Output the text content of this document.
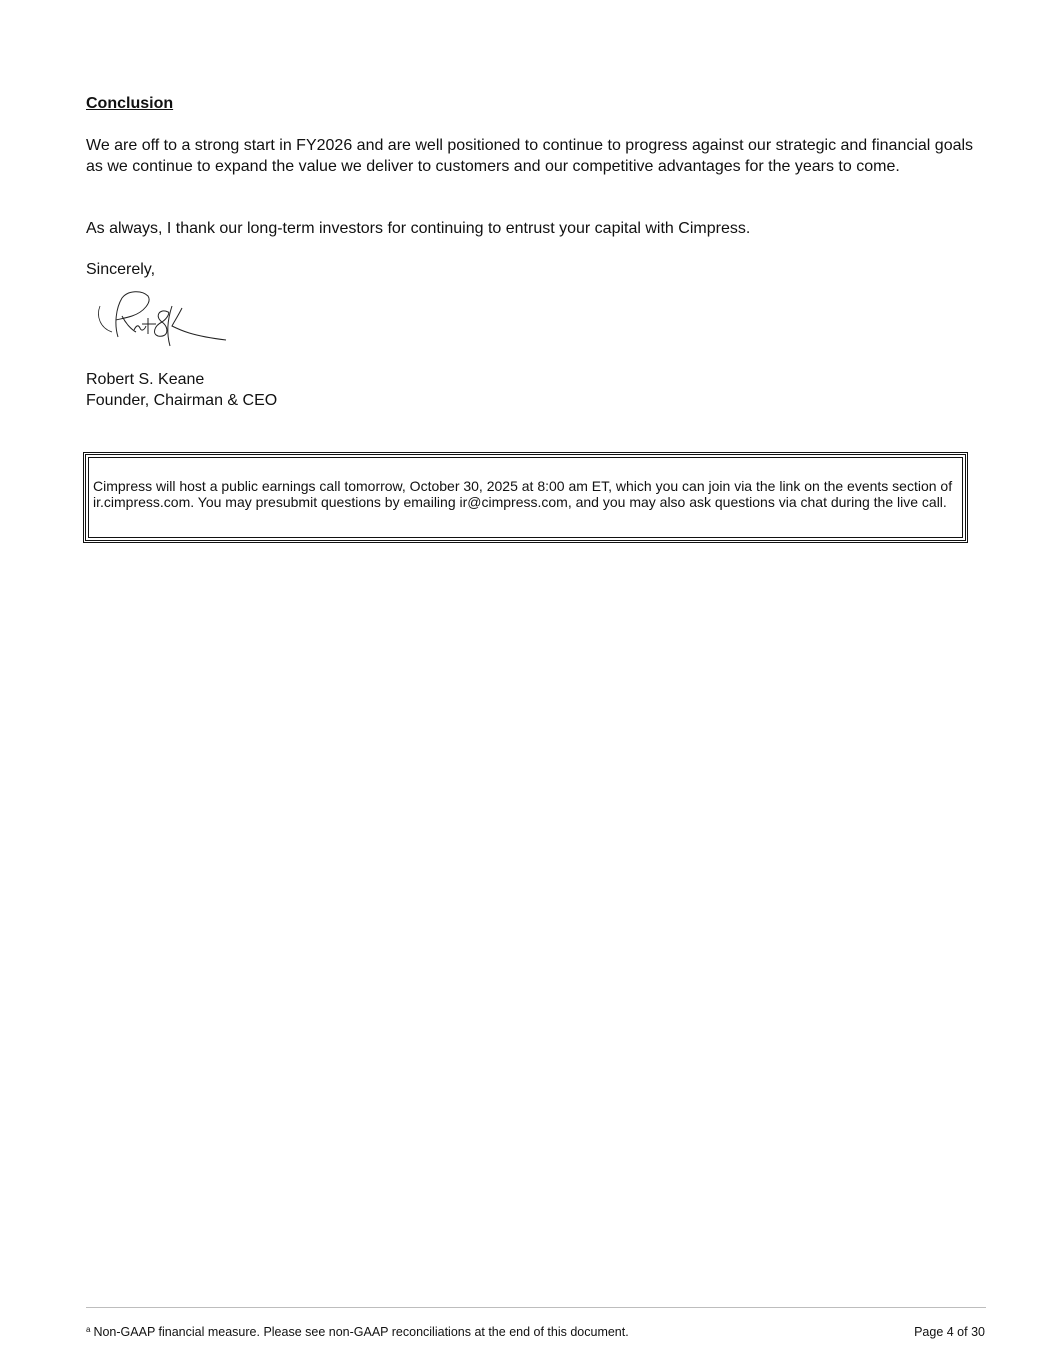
Conclusion
We are off to a strong start in FY2026 and are well positioned to continue to progress against our strategic and financial goals as we continue to expand the value we deliver to customers and our competitive advantages for the years to come.
As always, I thank our long-term investors for continuing to entrust your capital with Cimpress.
Sincerely,
Robert S. Keane
Founder, Chairman & CEO
Cimpress will host a public earnings call tomorrow, October 30, 2025 at 8:00 am ET, which you can join via the link on the events section of ir.cimpress.com. You may presubmit questions by emailing ir@cimpress.com, and you may also ask questions via chat during the live call.
$^a$ Non-GAAP financial measure. Please see non-GAAP reconciliations at the end of this document.	Page 4 of 30
